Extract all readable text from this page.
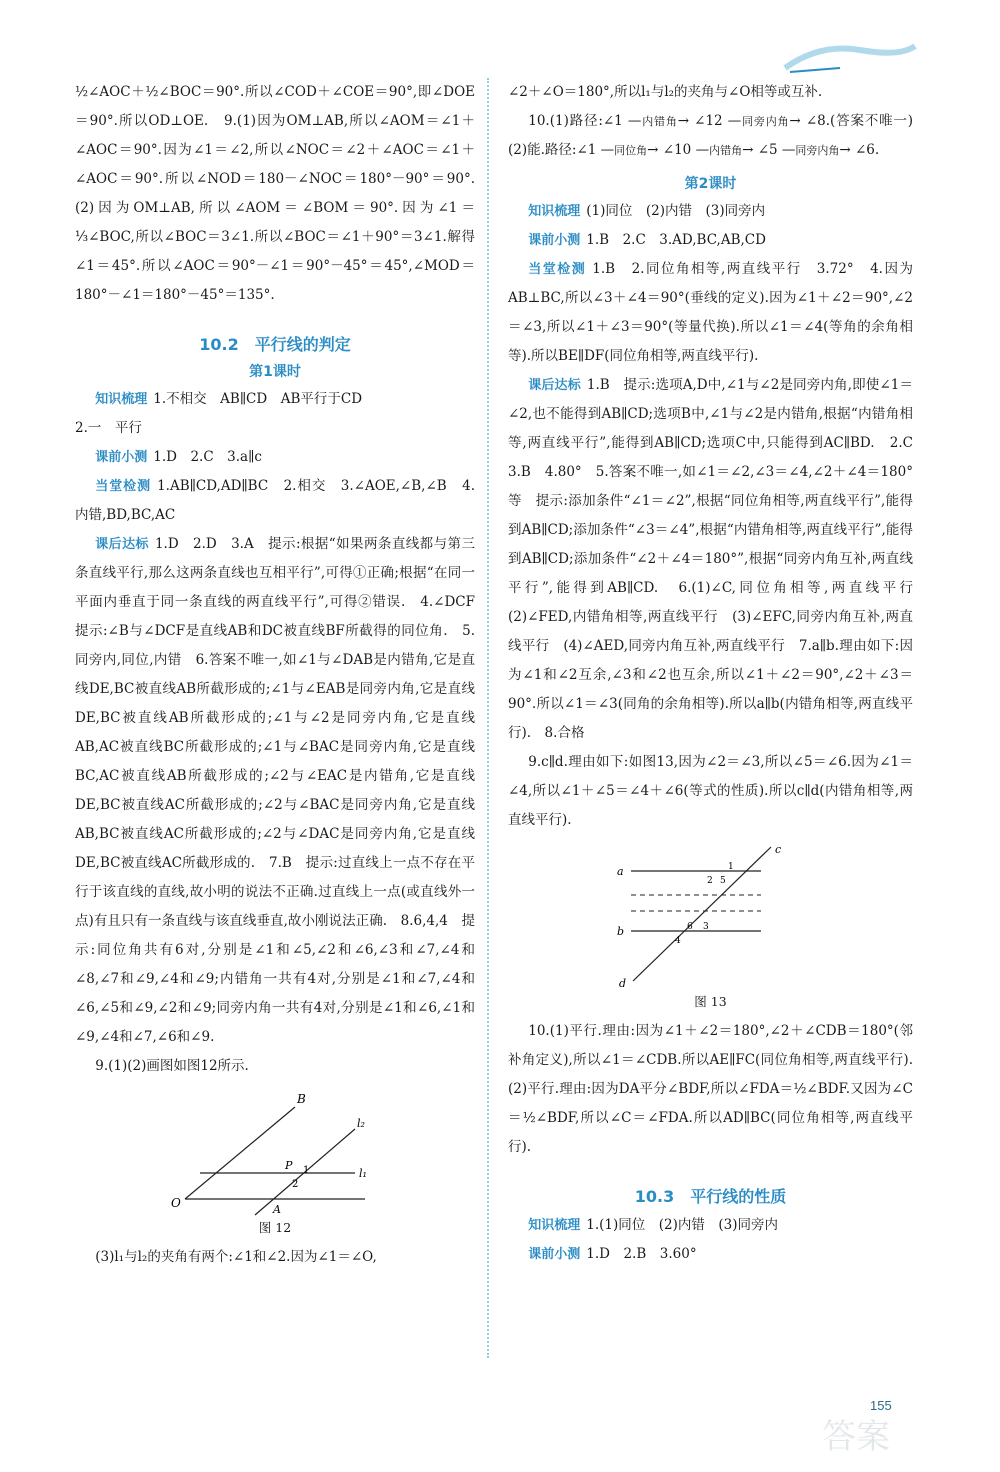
½∠AOC＋½∠BOC＝90°.所以∠COD＋∠COE＝90°,即∠DOE＝90°.所以OD⊥OE.　9.(1)因为OM⊥AB,所以∠AOM＝∠1＋∠AOC＝90°.因为∠1＝∠2,所以∠NOC＝∠2＋∠AOC＝∠1＋∠AOC＝90°.所以∠NOD＝180－∠NOC＝180°－90°＝90°.　(2)因为OM⊥AB,所以∠AOM＝∠BOM＝90°.因为∠1＝⅓∠BOC,所以∠BOC＝3∠1.所以∠BOC＝∠1＋90°＝3∠1.解得∠1＝45°.所以∠AOC＝90°－∠1＝90°－45°＝45°,∠MOD＝180°－∠1＝180°－45°＝135°.

10.2　平行线的判定
第1课时

知识梳理 1.不相交　AB∥CD　AB平行于CD

2.一　平行

课前小测 1.D　2.C　3.a∥c

当堂检测 1.AB∥CD,AD∥BC　2.相交　3.∠AOE,∠B,∠B　4.内错,BD,BC,AC

课后达标 1.D　2.D　3.A　提示:根据“如果两条直线都与第三条直线平行,那么这两条直线也互相平行”,可得①正确;根据“在同一平面内垂直于同一条直线的两直线平行”,可得②错误.　4.∠DCF　提示:∠B与∠DCF是直线AB和DC被直线BF所截得的同位角.　5.同旁内,同位,内错　6.答案不唯一,如∠1与∠DAB是内错角,它是直线DE,BC被直线AB所截形成的;∠1与∠EAB是同旁内角,它是直线DE,BC被直线AB所截形成的;∠1与∠2是同旁内角,它是直线AB,AC被直线BC所截形成的;∠1与∠BAC是同旁内角,它是直线BC,AC被直线AB所截形成的;∠2与∠EAC是内错角,它是直线DE,BC被直线AC所截形成的;∠2与∠BAC是同旁内角,它是直线AB,BC被直线AC所截形成的;∠2与∠DAC是同旁内角,它是直线DE,BC被直线AC所截形成的.　7.B　提示:过直线上一点不存在平行于该直线的直线,故小明的说法不正确.过直线上一点(或直线外一点)有且只有一条直线与该直线垂直,故小刚说法正确.　8.6,4,4　提示:同位角共有6对,分别是∠1和∠5,∠2和∠6,∠3和∠7,∠4和∠8,∠7和∠9,∠4和∠9;内错角一共有4对,分别是∠1和∠7,∠4和∠6,∠5和∠9,∠2和∠9;同旁内角一共有4对,分别是∠1和∠6,∠1和∠9,∠4和∠7,∠6和∠9.

9.(1)(2)画图如图12所示.

B
l₂
P 1	l₁
2
O	A
图 12

(3)l₁与l₂的夹角有两个:∠1和∠2.因为∠1＝∠O,

∠2＋∠O＝180°,所以l₁与l₂的夹角与∠O相等或互补.

10.(1)路径:∠1 —内错角→ ∠12 —同旁内角→ ∠8.(答案不唯一)　(2)能.路径:∠1 —同位角→ ∠10 —内错角→ ∠5 —同旁内角→ ∠6.

第2课时

知识梳理 (1)同位　(2)内错　(3)同旁内

课前小测 1.B　2.C　3.AD,BC,AB,CD

当堂检测 1.B　2.同位角相等,两直线平行　3.72°　4.因为AB⊥BC,所以∠3＋∠4＝90°(垂线的定义).因为∠1＋∠2＝90°,∠2＝∠3,所以∠1＋∠3＝90°(等量代换).所以∠1＝∠4(等角的余角相等).所以BE∥DF(同位角相等,两直线平行).

课后达标 1.B　提示:选项A,D中,∠1与∠2是同旁内角,即使∠1＝∠2,也不能得到AB∥CD;选项B中,∠1与∠2是内错角,根据“内错角相等,两直线平行”,能得到AB∥CD;选项C中,只能得到AC∥BD.　2.C　3.B　4.80°　5.答案不唯一,如∠1＝∠2,∠3＝∠4,∠2＋∠4＝180°等　提示:添加条件“∠1＝∠2”,根据“同位角相等,两直线平行”,能得到AB∥CD;添加条件“∠3＝∠4”,根据“内错角相等,两直线平行”,能得到AB∥CD;添加条件“∠2＋∠4＝180°”,根据“同旁内角互补,两直线平行”,能得到AB∥CD.　6.(1)∠C,同位角相等,两直线平行　(2)∠FED,内错角相等,两直线平行　(3)∠EFC,同旁内角互补,两直线平行　(4)∠AED,同旁内角互补,两直线平行　7.a∥b.理由如下:因为∠1和∠2互余,∠3和∠2也互余,所以∠1＋∠2＝90°,∠2＋∠3＝90°.所以∠1＝∠3(同角的余角相等).所以a∥b(内错角相等,两直线平行).　8.合格

9.c∥d.理由如下:如图13,因为∠2＝∠3,所以∠5＝∠6.因为∠1＝∠4,所以∠1＋∠5＝∠4＋∠6(等式的性质).所以c∥d(内错角相等,两直线平行).

c
a	1
2 5
6 3
b
4
d
图 13

10.(1)平行.理由:因为∠1＋∠2＝180°,∠2＋∠CDB＝180°(邻补角定义),所以∠1＝∠CDB.所以AE∥FC(同位角相等,两直线平行).　(2)平行.理由:因为DA平分∠BDF,所以∠FDA＝½∠BDF.又因为∠C＝½∠BDF,所以∠C＝∠FDA.所以AD∥BC(同位角相等,两直线平行).

10.3　平行线的性质

知识梳理 1.(1)同位　(2)内错　(3)同旁内

课前小测 1.D　2.B　3.60°

155
答案
